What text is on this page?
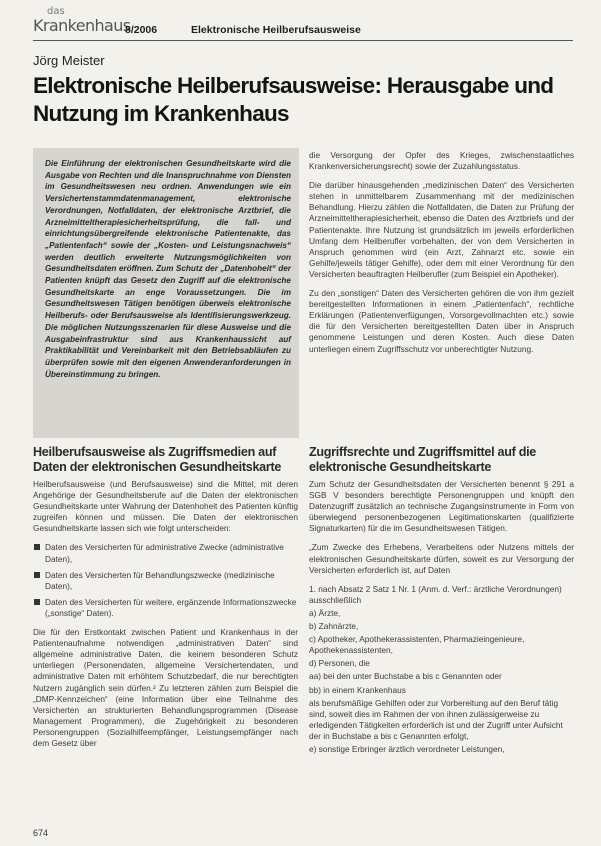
das
Krankenhaus
8/2006	Elektronische Heilberufsausweise
Jörg Meister
Elektronische Heilberufsausweise: Herausgabe und Nutzung im Krankenhaus

Die Einführung der elektronischen Gesundheitskarte wird die Ausgabe von Rechten und die Inanspruchnahme von Diensten im Gesundheitswesen neu ordnen. Anwendungen wie ein Versichertenstammdatenmanagement, elektronische Verordnungen, Notfalldaten, der elektronische Arztbrief, die Arzneimitteltherapiesicherheitsprüfung, die fall- und einrichtungsübergreifende elektronische Patientenakte, das „Patientenfach“ sowie der „Kosten- und Leistungsnachweis“ werden deutlich erweiterte Nutzungsmöglichkeiten von Gesundheitsdaten eröffnen. Zum Schutz der „Datenhoheit“ der Patienten knüpft das Gesetz den Zugriff auf die elektronische Gesundheitskarte an enge Voraussetzungen. Die im Gesundheitswesen Tätigen benötigen überweis elektronische Heilberufs- oder Berufsausweise als Identifisierungswerkzeug. Die möglichen Nutzungsszenarien für diese Ausweise und die Ausgabeinfrastruktur sind aus Krankenhaussicht auf Praktikabilität und Vereinbarkeit mit den Betriebsabläufen zu überprüfen sowie mit den eigenen Anwenderanforderungen in Übereinstimmung zu bringen.

die Versorgung der Opfer des Krieges, zwischenstaatliches Krankenversicherungsrecht) sowie der Zuzahlungsstatus.

Die darüber hinausgehenden „medizinischen Daten“ des Versicherten stehen in unmittelbarem Zusammenhang mit der medizinischen Behandlung. Hierzu zählen die Notfalldaten, die Daten zur Prüfung der Arzneimitteltherapiesicherheit, ebenso die Daten des Arztbriefs und der Patientenakte. Ihre Nutzung ist grundsätzlich im jeweils erforderlichen Umfang dem Heilberufler vorbehalten, der von dem Versicherten in Anspruch genommen wird (ein Arzt, Zahnarzt etc. sowie ein Gehilfe/jeweils tätiger Gehilfe), oder dem mit einer Verordnung für den Versicherten beauftragten Heilberufler (zum Beispiel ein Apotheker).

Zu den „sonstigen“ Daten des Versicherten gehören die von ihm gezielt bereitgestellten Informationen in einem „Patientenfach“, rechtliche Erklärungen (Patientenverfügungen, Vorsorgevollmachten etc.) sowie die für den Versicherten bereitgestellten Daten über in Anspruch genommene Leistungen und deren Kosten. Auch diese Daten unterliegen einem Zugriffsschutz vor unberechtigter Nutzung.

Heilberufsausweise als Zugriffsmedien auf Daten der elektronischen Gesundheitskarte

Heilberufsausweise (und Berufsausweise) sind die Mittel, mit deren Angehörige der Gesundheitsberufe auf die Daten der elektronischen Gesundheitskarte unter Wahrung der Datenhoheit des Patienten künftig zugreifen können und müssen. Die Daten der elektronischen Gesundheitskarte lassen sich wie folgt unterscheiden:

Daten des Versicherten für administrative Zwecke (administrative Daten),
Daten des Versicherten für Behandlungszwecke (medizinische Daten),
Daten des Versicherten für weitere, ergänzende Informationszwecke („sonstige“ Daten).

Die für den Erstkontakt zwischen Patient und Krankenhaus in der Patientenaufnahme notwendigen „administrativen Daten“ sind allgemeine administrative Daten, die keinem besonderen Schutz unterliegen (Personendaten, allgemeine Versichertendaten, und administrative Daten mit erhöhtem Schutzbedarf, die nur berechtigten Nutzern zugänglich sein dürfen.² Zu letzteren zählen zum Beispiel die „DMP-Kennzeichen“ (eine Information über eine Teilnahme des Versicherten an strukturierten Behandlungsprogrammen (Disease Management Programmen), die Zugehörigkeit zu besonderen Personengruppen (Sozialhilfeempfänger, Leistungsempfänger nach dem Gesetz über

Zugriffsrechte und Zugriffsmittel auf die elektronische Gesundheitskarte

Zum Schutz der Gesundheitsdaten der Versicherten benennt § 291 a SGB V besonders berechtigte Personengruppen und knüpft den Datenzugriff zusätzlich an technische Zugangsinstrumente in Form von überwiegend personenbezogenen Legitimationskarten (qualifizierte Signaturkarten) für die im Gesundheitswesen Tätigen.

„Zum Zwecke des Erhebens, Verarbeitens oder Nutzens mittels der elektronischen Gesundheitskarte dürfen, soweit es zur Versorgung der Versicherten erforderlich ist, auf Daten

1. nach Absatz 2 Satz 1 Nr. 1 (Anm. d. Verf.: ärztliche Verordnungen) ausschließlich

a) Ärzte,

b) Zahnärzte,

c) Apotheker, Apothekerassistenten, Pharmazieingenieure, Apothekenassistenten,

d) Personen, die

aa) bei den unter Buchstabe a bis c Genannten oder

bb) in einem Krankenhaus

als berufsmäßige Gehilfen oder zur Vorbereitung auf den Beruf tätig sind, soweit dies im Rahmen der von ihnen zulässigerweise zu erledigenden Tätigkeiten erforderlich ist und der Zugriff unter Aufsicht der in Buchstabe a bis c Genannten erfolgt,

e) sonstige Erbringer ärztlich verordneter Leistungen,

674
